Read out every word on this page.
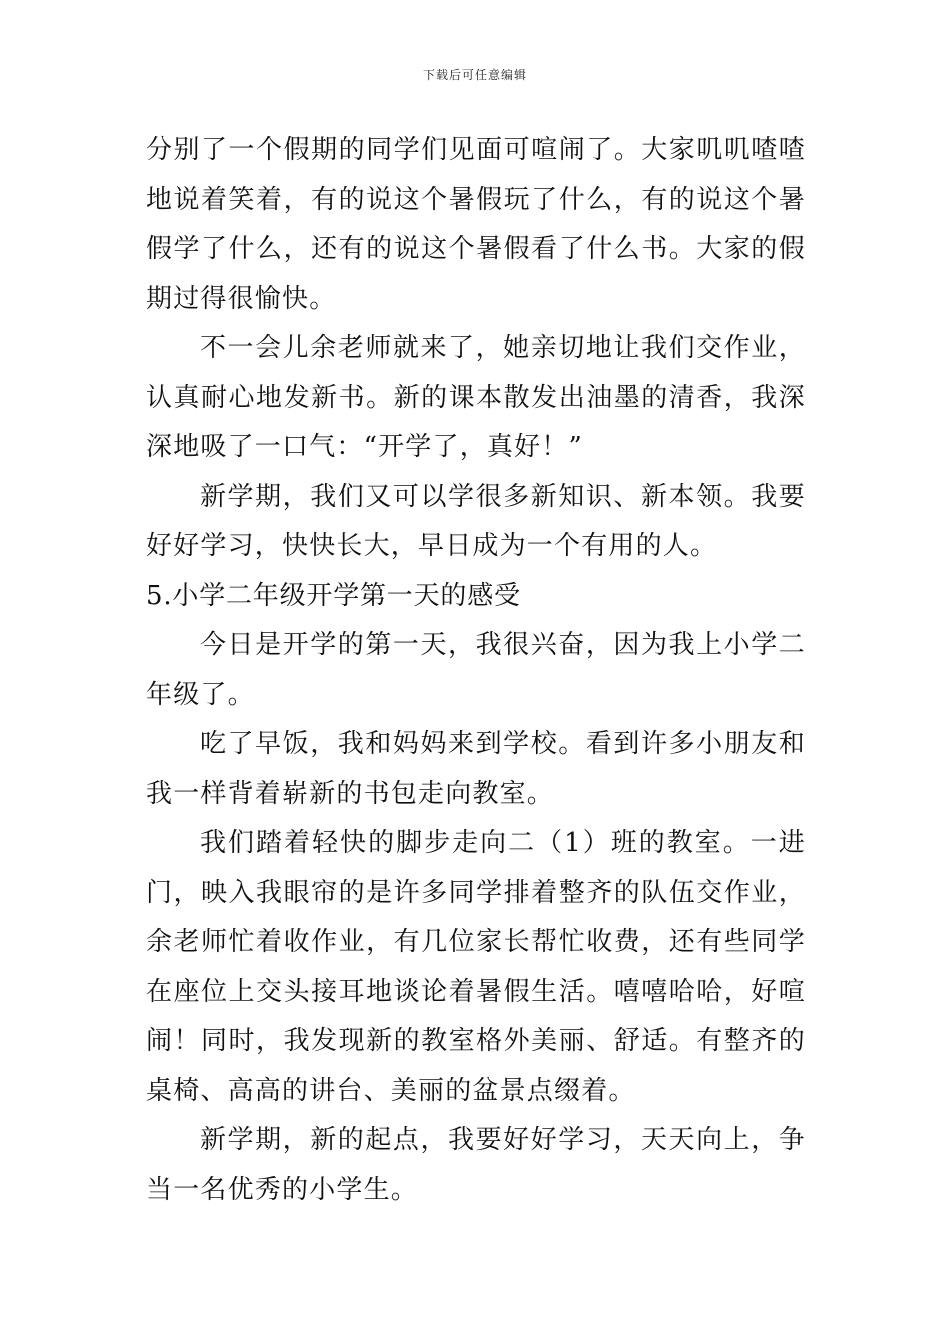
下载后可任意编辑

分别了一个假期的同学们见面可喧闹了。大家叽叽喳喳地说着笑着，有的说这个暑假玩了什么，有的说这个暑假学了什么，还有的说这个暑假看了什么书。大家的假期过得很愉快。

不一会儿余老师就来了，她亲切地让我们交作业，认真耐心地发新书。新的课本散发出油墨的清香，我深深地吸了一口气：“开学了，真好！”

新学期，我们又可以学很多新知识、新本领。我要好好学习，快快长大，早日成为一个有用的人。

5.小学二年级开学第一天的感受

今日是开学的第一天，我很兴奋，因为我上小学二年级了。

吃了早饭，我和妈妈来到学校。看到许多小朋友和我一样背着崭新的书包走向教室。

我们踏着轻快的脚步走向二（1）班的教室。一进门，映入我眼帘的是许多同学排着整齐的队伍交作业，余老师忙着收作业，有几位家长帮忙收费，还有些同学在座位上交头接耳地谈论着暑假生活。嘻嘻哈哈，好喧闹！同时，我发现新的教室格外美丽、舒适。有整齐的桌椅、高高的讲台、美丽的盆景点缀着。

新学期，新的起点，我要好好学习，天天向上，争当一名优秀的小学生。
